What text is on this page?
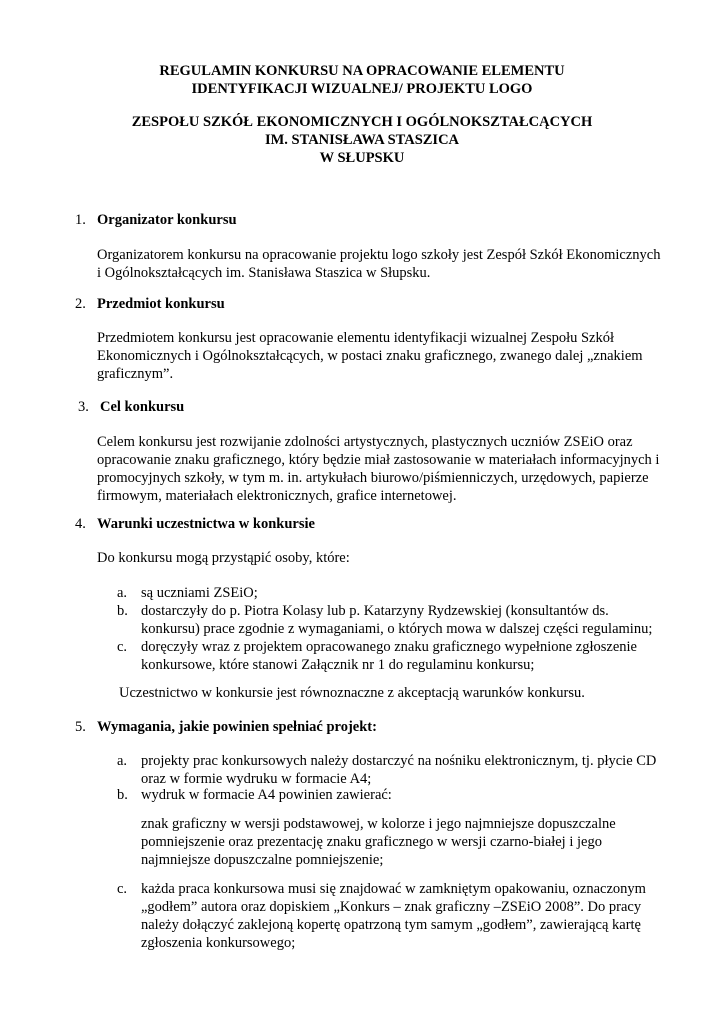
REGULAMIN KONKURSU NA OPRACOWANIE ELEMENTU
IDENTYFIKACJI WIZUALNEJ/ PROJEKTU LOGO
ZESPOŁU SZKÓŁ EKONOMICZNYCH I OGÓLNOKSZTAŁCĄCYCH
IM. STANISŁAWA STASZICA
W SŁUPSKU
1. Organizator konkursu
Organizatorem konkursu na opracowanie projektu logo szkoły jest Zespół Szkół Ekonomicznych
i Ogólnokształcących im. Stanisława Staszica w Słupsku.
2. Przedmiot konkursu
Przedmiotem konkursu jest opracowanie elementu identyfikacji wizualnej Zespołu Szkół
Ekonomicznych i Ogólnokształcących, w postaci znaku graficznego, zwanego dalej „znakiem
graficznym”.
3. Cel konkursu
Celem konkursu jest rozwijanie zdolności artystycznych, plastycznych uczniów ZSEiO oraz
opracowanie znaku graficznego, który będzie miał zastosowanie w materiałach informacyjnych i
promocyjnych szkoły, w tym m. in. artykułach biurowo/piśmienniczych, urzędowych, papierze
firmowym, materiałach elektronicznych, grafice internetowej.
4. Warunki uczestnictwa w konkursie
Do konkursu mogą przystąpić osoby, które:
a. są uczniami ZSEiO;
b. dostarczyły do p. Piotra Kolasy lub p. Katarzyny Rydzewskiej (konsultantów ds.
konkursu) prace zgodnie z wymaganiami, o których mowa w dalszej części regulaminu;
c. doręczyły wraz z projektem opracowanego znaku graficznego wypełnione zgłoszenie
konkursowe, które stanowi Załącznik nr 1 do regulaminu konkursu;
Uczestnictwo w konkursie jest równoznaczne z akceptacją warunków konkursu.
5. Wymagania, jakie powinien spełniać projekt:
a. projekty prac konkursowych należy dostarczyć na nośniku elektronicznym, tj. płycie CD
oraz w formie wydruku w formacie A4;
b. wydruk w formacie A4 powinien zawierać:
znak graficzny w wersji podstawowej, w kolorze i jego najmniejsze dopuszczalne
pomniejszenie oraz prezentację znaku graficznego w wersji czarno-białej i jego
najmniejsze dopuszczalne pomniejszenie;
c. każda praca konkursowa musi się znajdować w zamkniętym opakowaniu, oznaczonym
„godłem” autora oraz dopiskiem „Konkurs – znak graficzny –ZSEiO 2008”. Do pracy
należy dołączyć zaklejoną kopertę opatrzoną tym samym „godłem”, zawierającą kartę
zgłoszenia konkursowego;
